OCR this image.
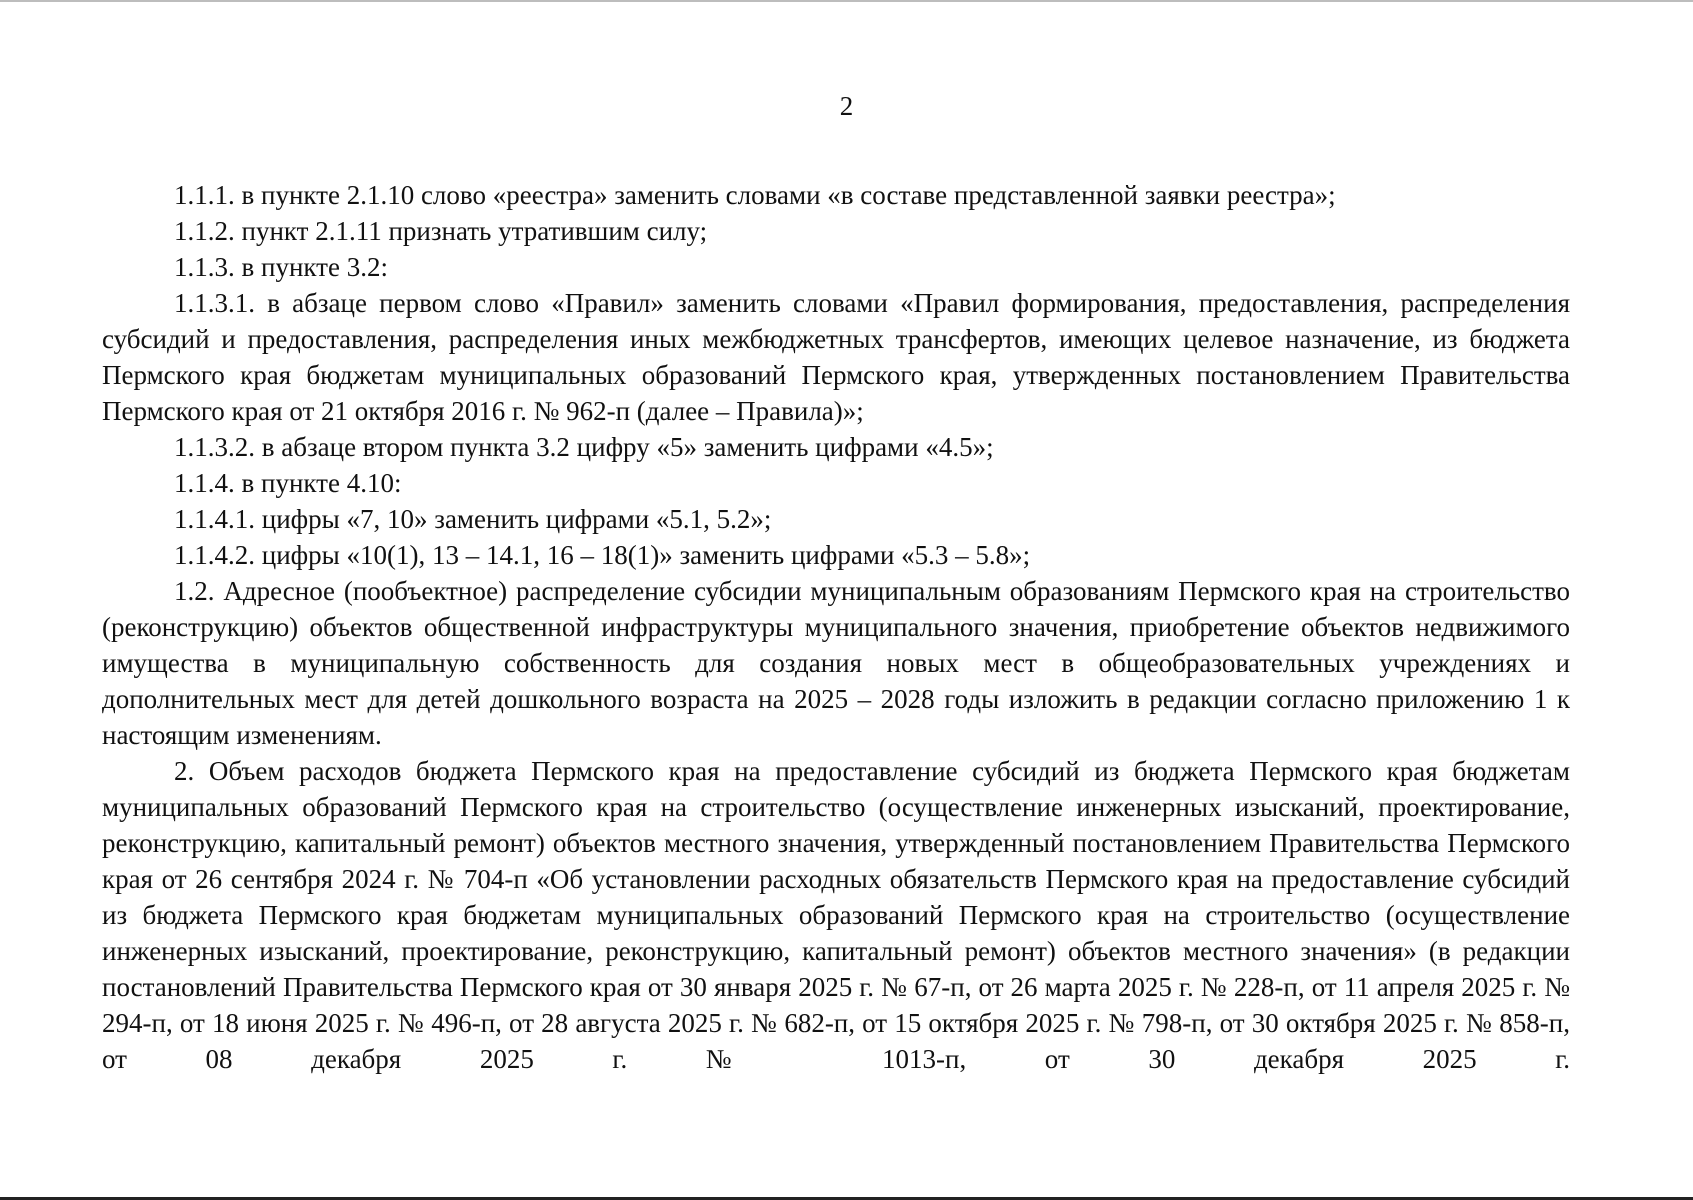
2

1.1.1. в пункте 2.1.10 слово «реестра» заменить словами «в составе представленной заявки реестра»;

1.1.2. пункт 2.1.11 признать утратившим силу;

1.1.3. в пункте 3.2:

1.1.3.1. в абзаце первом слово «Правил» заменить словами «Правил формирования, предоставления, распределения субсидий и предоставления, распределения иных межбюджетных трансфертов, имеющих целевое назначение, из бюджета Пермского края бюджетам муниципальных образований Пермского края, утвержденных постановлением Правительства Пермского края от 21 октября 2016 г. № 962-п (далее – Правила)»;

1.1.3.2. в абзаце втором пункта 3.2 цифру «5» заменить цифрами «4.5»;

1.1.4. в пункте 4.10:

1.1.4.1. цифры «7, 10» заменить цифрами «5.1, 5.2»;

1.1.4.2. цифры «10(1), 13 – 14.1, 16 – 18(1)» заменить цифрами «5.3 – 5.8»;

1.2. Адресное (пообъектное) распределение субсидии муниципальным образованиям Пермского края на строительство (реконструкцию) объектов общественной инфраструктуры муниципального значения, приобретение объектов недвижимого имущества в муниципальную собственность для создания новых мест в общеобразовательных учреждениях и дополнительных мест для детей дошкольного возраста на 2025 – 2028 годы изложить в редакции согласно приложению 1 к настоящим изменениям.

2. Объем расходов бюджета Пермского края на предоставление субсидий из бюджета Пермского края бюджетам муниципальных образований Пермского края на строительство (осуществление инженерных изысканий, проектирование, реконструкцию, капитальный ремонт) объектов местного значения, утвержденный постановлением Правительства Пермского края от 26 сентября 2024 г. № 704-п «Об установлении расходных обязательств Пермского края на предоставление субсидий из бюджета Пермского края бюджетам муниципальных образований Пермского края на строительство (осуществление инженерных изысканий, проектирование, реконструкцию, капитальный ремонт) объектов местного значения» (в редакции постановлений Правительства Пермского края от 30 января 2025 г. № 67-п, от 26 марта 2025 г. № 228-п, от 11 апреля 2025 г. № 294-п, от 18 июня 2025 г. № 496-п, от 28 августа 2025 г. № 682-п, от 15 октября 2025 г. № 798-п, от 30 октября 2025 г. № 858-п, от 08 декабря 2025 г. № 1013-п, от 30 декабря 2025 г.
